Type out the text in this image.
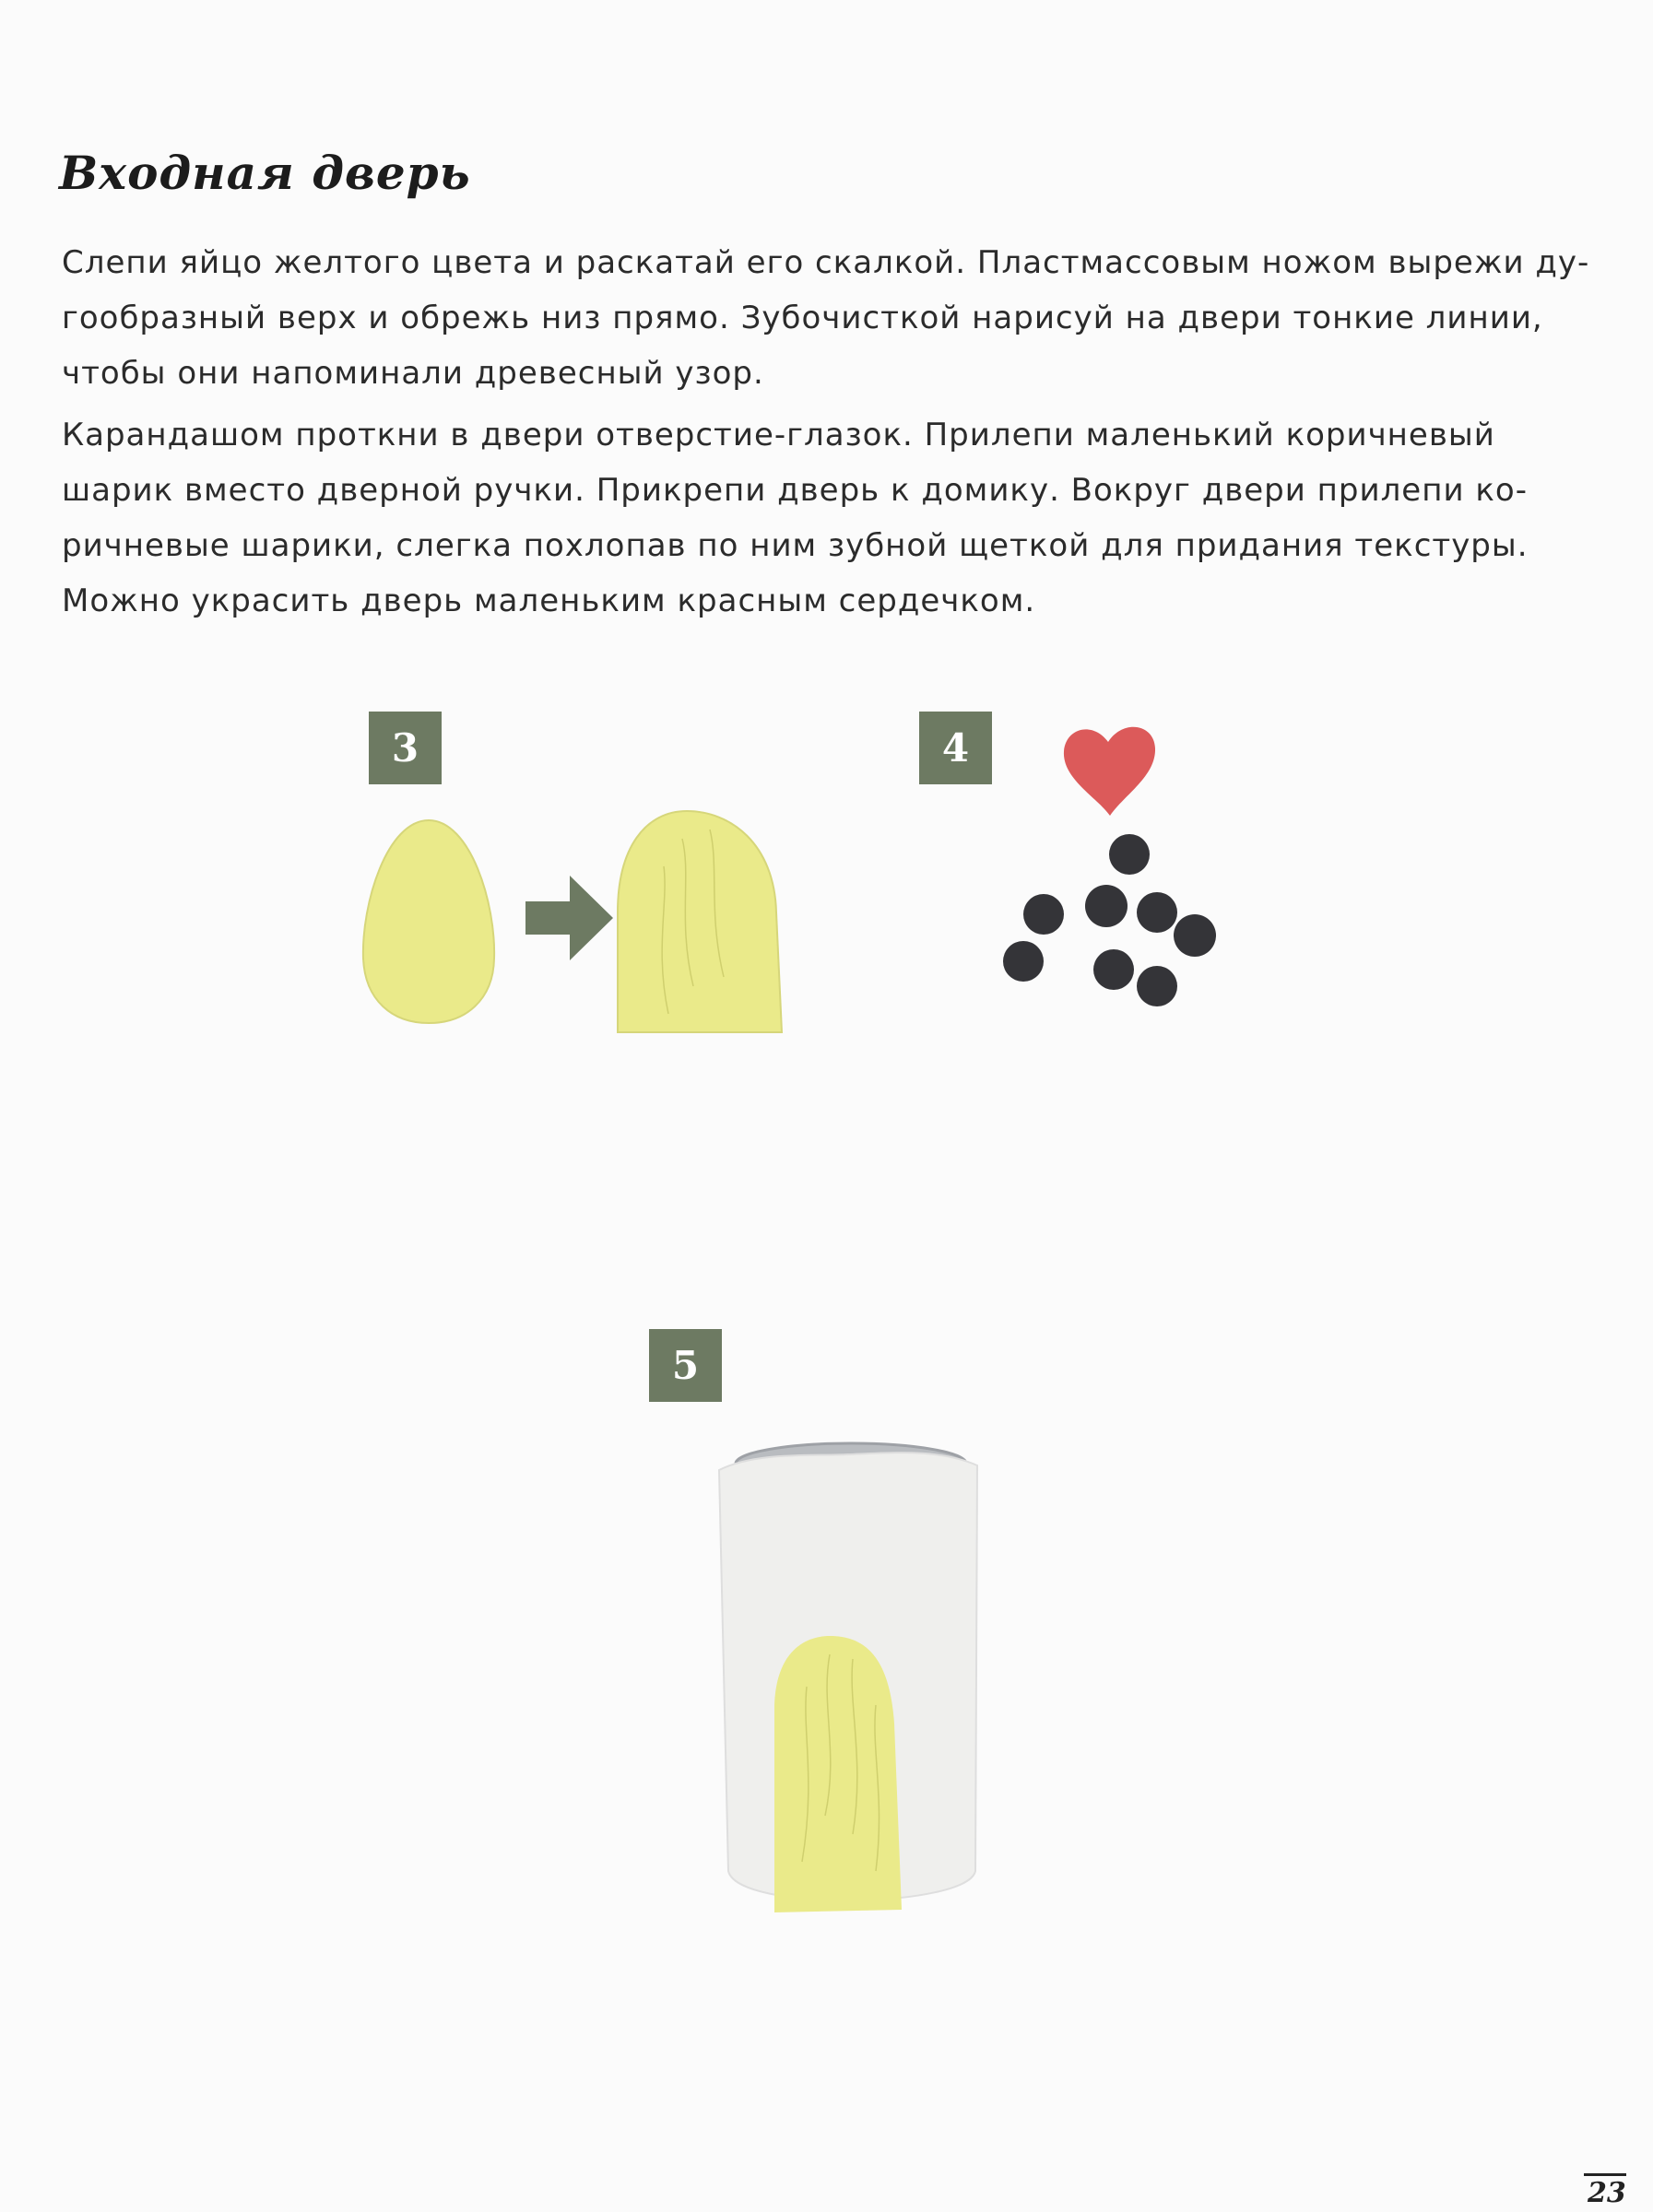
Входная дверь
Слепи яйцо желтого цвета и раскатай его скалкой. Пластмассовым ножом вырежи ду-
гообразный верх и обрежь низ прямо. Зубочисткой нарисуй на двери тонкие линии,
чтобы они напоминали древесный узор.
Карандашом проткни в двери отверстие-глазок. Прилепи маленький коричневый
шарик вместо дверной ручки. Прикрепи дверь к домику. Вокруг двери прилепи ко-
ричневые шарики, слегка похлопав по ним зубной щеткой для придания текстуры.
Можно украсить дверь маленьким красным сердечком.
3	4
5
23
